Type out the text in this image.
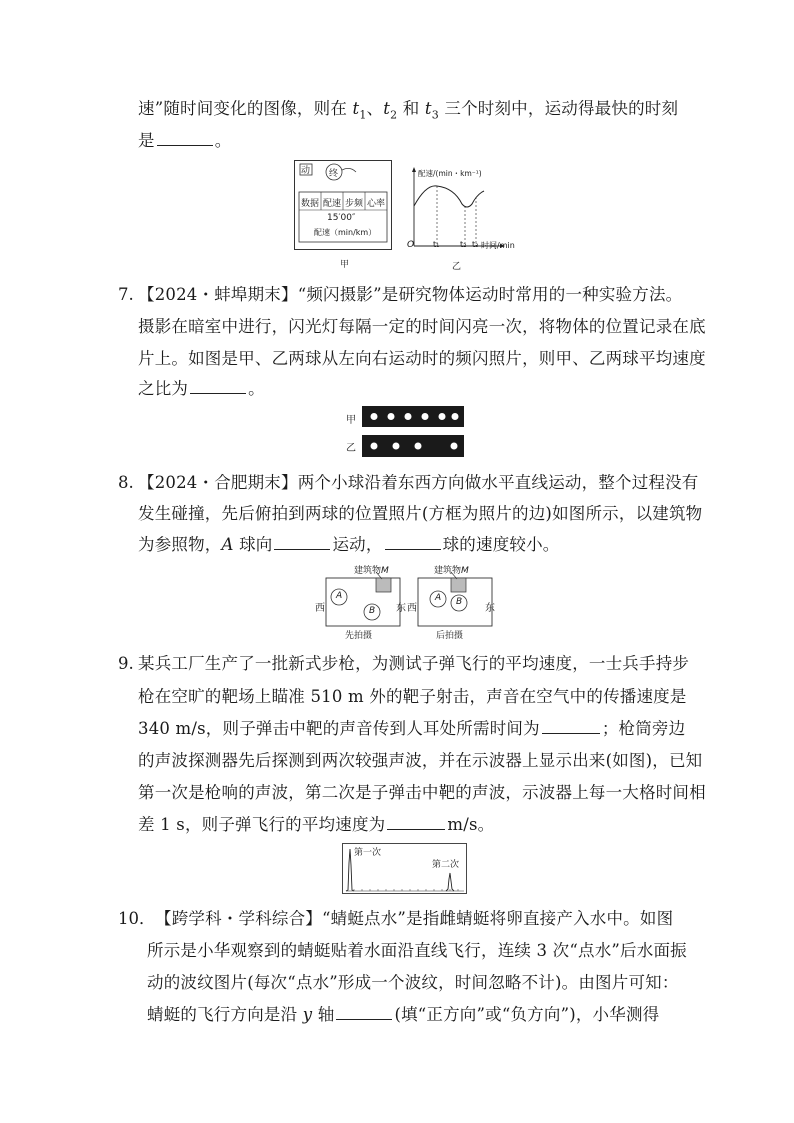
速”随时间变化的图像，则在 $t_1$、$t_2$ 和 $t_3$ 三个时刻中，运动得最快的时刻
是	。
动 终
数据 配速 步频 心率
15′00″
配速（min/km）
甲
配速/(min・km⁻¹)
时间/min
O t₁	t₂ t₃
乙
7. 【2024・蚌埠期末】“频闪摄影”是研究物体运动时常用的一种实验方法。
摄影在暗室中进行，闪光灯每隔一定的时间闪亮一次，将物体的位置记录在底
片上。如图是甲、乙两球从左向右运动时的频闪照片，则甲、乙两球平均速度
之比为	。
甲
乙
8. 【2024・合肥期末】两个小球沿着东西方向做水平直线运动，整个过程没有
发生碰撞，先后俯拍到两球的位置照片(方框为照片的边)如图所示，以建筑物
为参照物，A 球向	运动，	球的速度较小。
建筑物M	建筑物M
西	东 西	东
A
B
A B
先拍摄	后拍摄
9. 某兵工厂生产了一批新式步枪，为测试子弹飞行的平均速度，一士兵手持步
枪在空旷的靶场上瞄准 510 m 外的靶子射击，声音在空气中的传播速度是
340 m/s，则子弹击中靶的声音传到人耳处所需时间为	；枪筒旁边
的声波探测器先后探测到两次较强声波，并在示波器上显示出来(如图)，已知
第一次是枪响的声波，第二次是子弹击中靶的声波，示波器上每一大格时间相
差 1 s，则子弹飞行的平均速度为	m/s。
第一次
第二次
10． 【跨学科・学科综合】“蜻蜓点水”是指雌蜻蜓将卵直接产入水中。如图
所示是小华观察到的蜻蜓贴着水面沿直线飞行，连续 3 次“点水”后水面振
动的波纹图片(每次“点水”形成一个波纹，时间忽略不计)。由图片可知：
蜻蜓的飞行方向是沿 y 轴	(填“正方向”或“负方向”)，小华测得
